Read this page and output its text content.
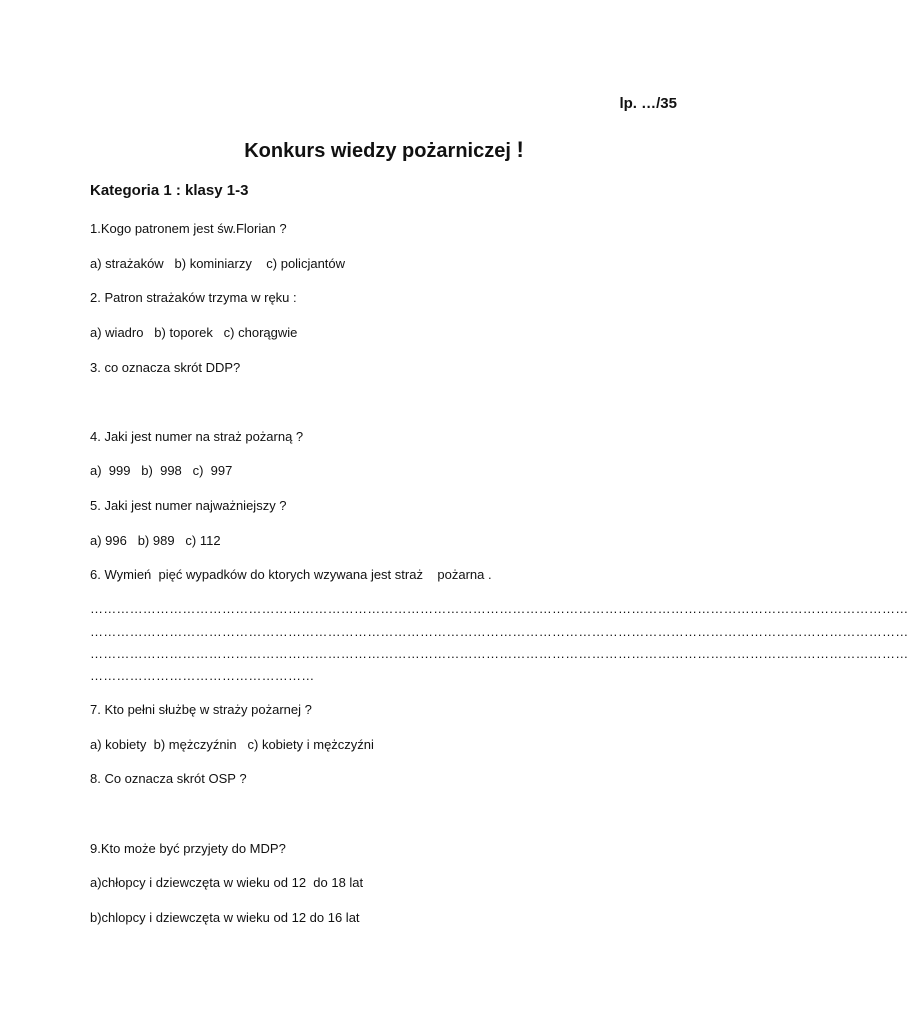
lp. …/35
Konkurs wiedzy pożarniczej !
Kategoria 1 : klasy 1-3
1.Kogo patronem jest św.Florian ?
a) strażaków   b) kominiarzy    c) policjantów
2. Patron strażaków trzyma w ręku :
a) wiadro   b) toporek   c) chorągwie
3. co oznacza skrót DDP?
4. Jaki jest numer na straż pożarną ?
a)  999   b)  998   c)  997
5. Jaki jest numer najważniejszy ?
a) 996   b) 989   c) 112
6. Wymień  pięć wypadków do ktorych wzywana jest straż    pożarna .
……………………………………………………………………………………………………………………………………………………………………
……………………………………………………………………………………………………………………………………………………………………
……………………………………………………………………………………………………………………………………………………………………
……………………………………………
7. Kto pełni służbę w straży pożarnej ?
a) kobiety  b) mężczyźnin   c) kobiety i mężczyźni
8. Co oznacza skrót OSP ?
9.Kto może być przyjety do MDP?
a)chłopcy i dziewczęta w wieku od 12  do 18 lat
b)chlopcy i dziewczęta w wieku od 12 do 16 lat
